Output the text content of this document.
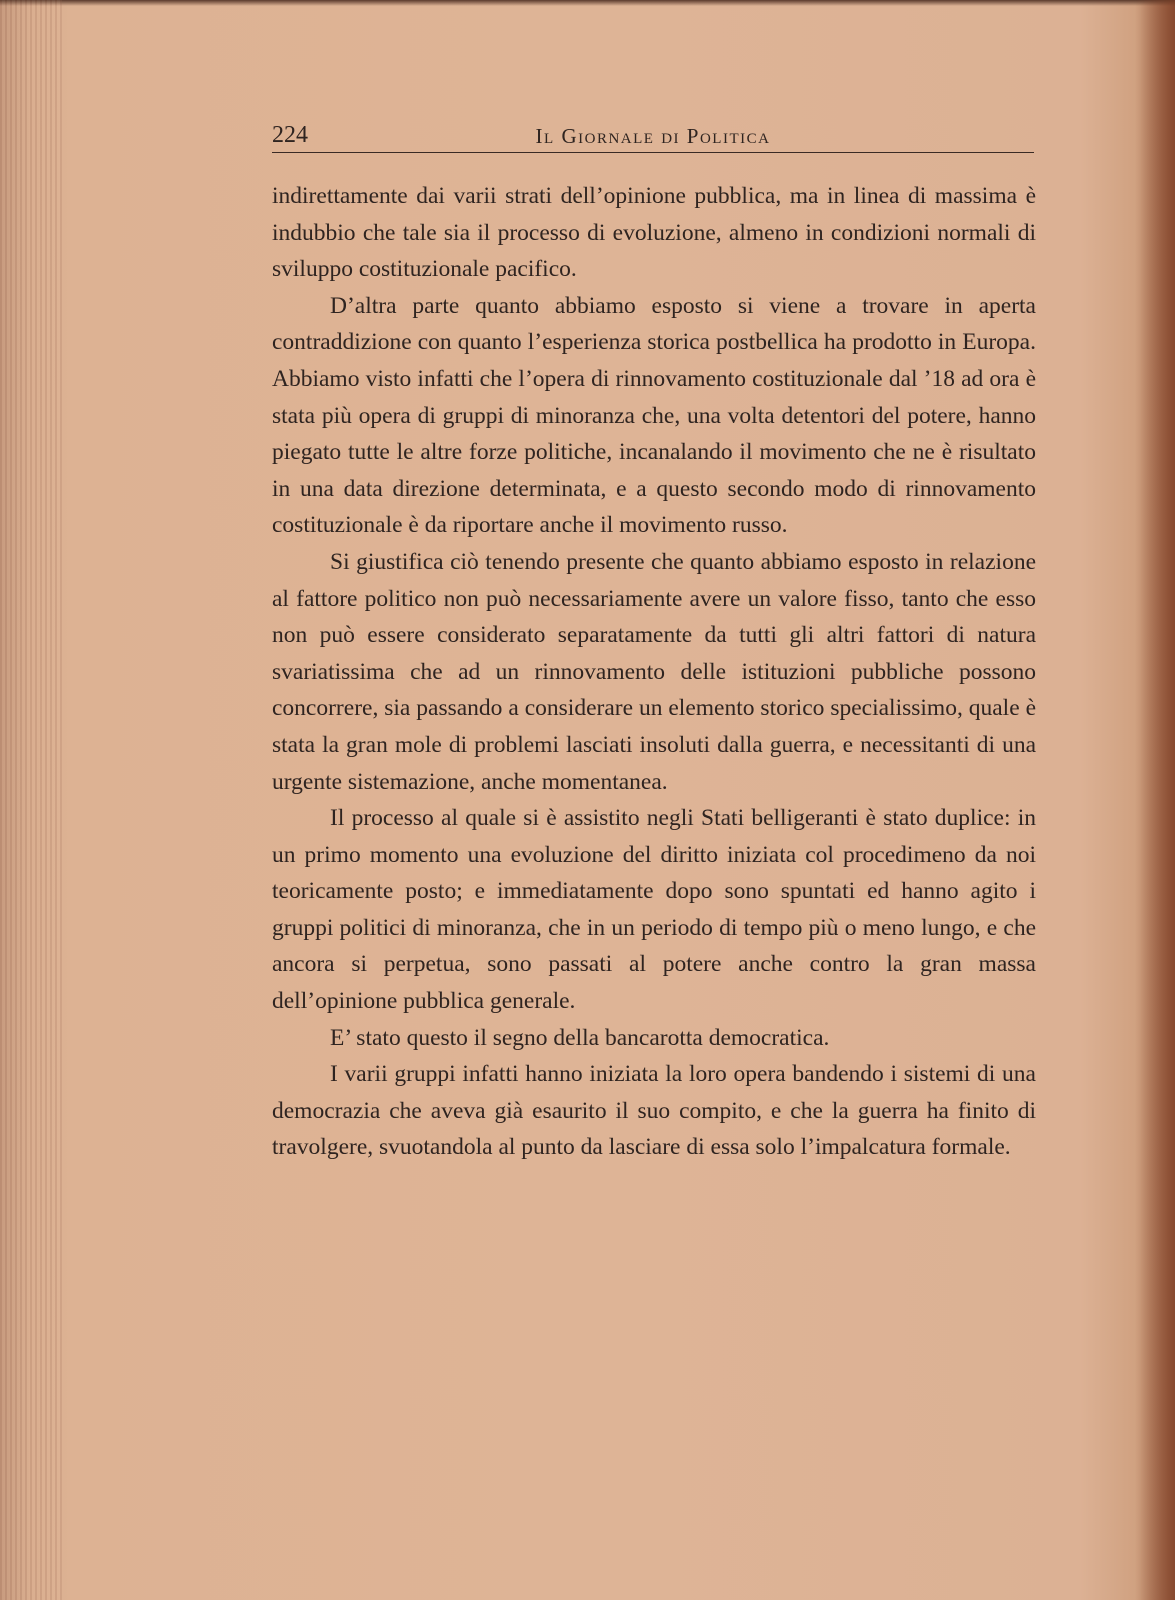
224	Il Giornale di Politica

indirettamente dai varii strati dell’opinione pubblica, ma in linea di massima è indubbio che tale sia il processo di evoluzione, almeno in condizioni normali di sviluppo costituzionale pacifico.

D’altra parte quanto abbiamo esposto si viene a trovare in aperta contraddizione con quanto l’esperienza storica postbellica ha prodotto in Europa. Abbiamo visto infatti che l’opera di rinnovamento costituzionale dal ’18 ad ora è stata più opera di gruppi di minoranza che, una volta detentori del potere, hanno piegato tutte le altre forze politiche, incanalando il movimento che ne è risultato in una data direzione determinata, e a questo secondo modo di rinnovamento costituzionale è da riportare anche il movimento russo.

Si giustifica ciò tenendo presente che quanto abbiamo esposto in relazione al fattore politico non può necessariamente avere un valore fisso, tanto che esso non può essere considerato separatamente da tutti gli altri fattori di natura svariatissima che ad un rinnovamento delle istituzioni pubbliche possono concorrere, sia passando a considerare un elemento storico specialissimo, quale è stata la gran mole di problemi lasciati insoluti dalla guerra, e necessitanti di una urgente sistemazione, anche momentanea.

Il processo al quale si è assistito negli Stati belligeranti è stato duplice: in un primo momento una evoluzione del diritto iniziata col procedimeno da noi teoricamente posto; e immediatamente dopo sono spuntati ed hanno agito i gruppi politici di minoranza, che in un periodo di tempo più o meno lungo, e che ancora si perpetua, sono passati al potere anche contro la gran massa dell’opinione pubblica generale.

E’ stato questo il segno della bancarotta democratica.

I varii gruppi infatti hanno iniziata la loro opera bandendo i sistemi di una democrazia che aveva già esaurito il suo compito, e che la guerra ha finito di travolgere, svuotandola al punto da lasciare di essa solo l’impalcatura formale.
